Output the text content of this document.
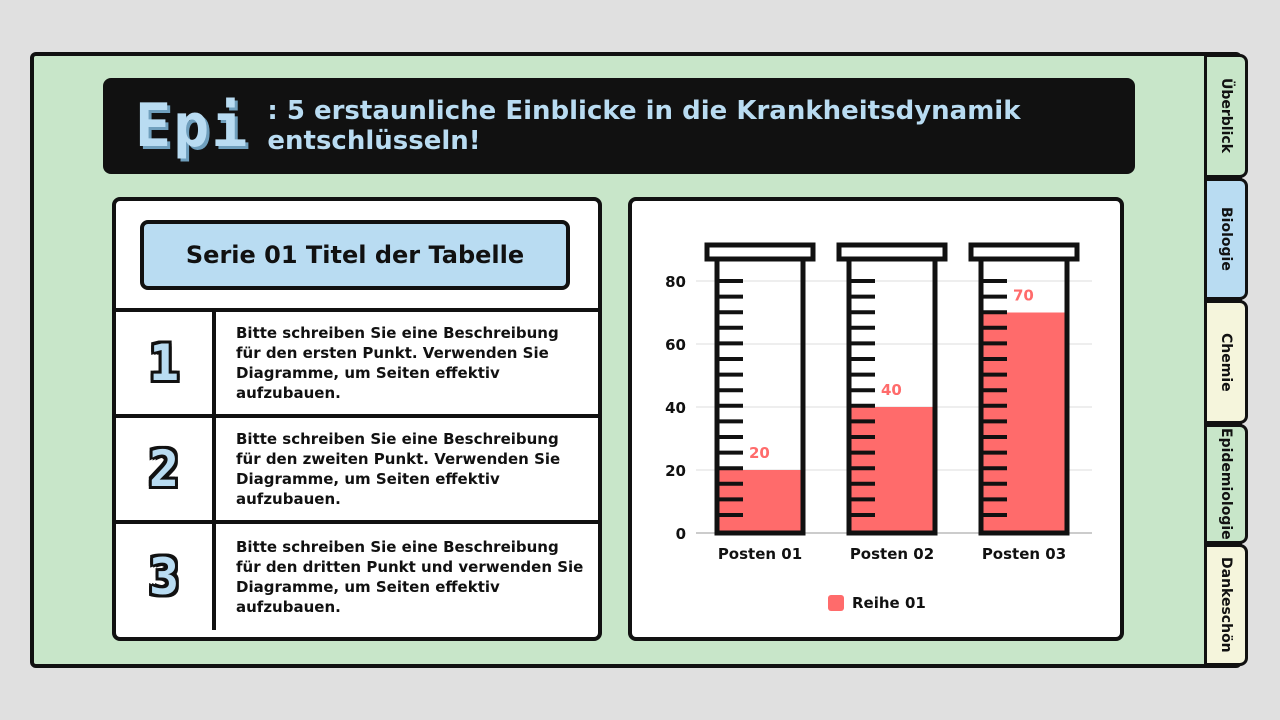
Epi : 5 erstaunliche Einblicke in die Krankheitsdynamik entschlüsseln!
Serie 01 Titel der Tabelle
1
Bitte schreiben Sie eine Beschreibung für den ersten Punkt. Verwenden Sie Diagramme, um Seiten effektiv aufzubauen.
2
Bitte schreiben Sie eine Beschreibung für den zweiten Punkt. Verwenden Sie Diagramme, um Seiten effektiv aufzubauen.
3
Bitte schreiben Sie eine Beschreibung für den dritten Punkt und verwenden Sie Diagramme, um Seiten effektiv aufzubauen.
0
20
40
60
80
20
Posten 01
40
Posten 02
70
Posten 03
Reihe 01
Überblick
Biologie
Chemie
Epidemiologie
Dankeschön
